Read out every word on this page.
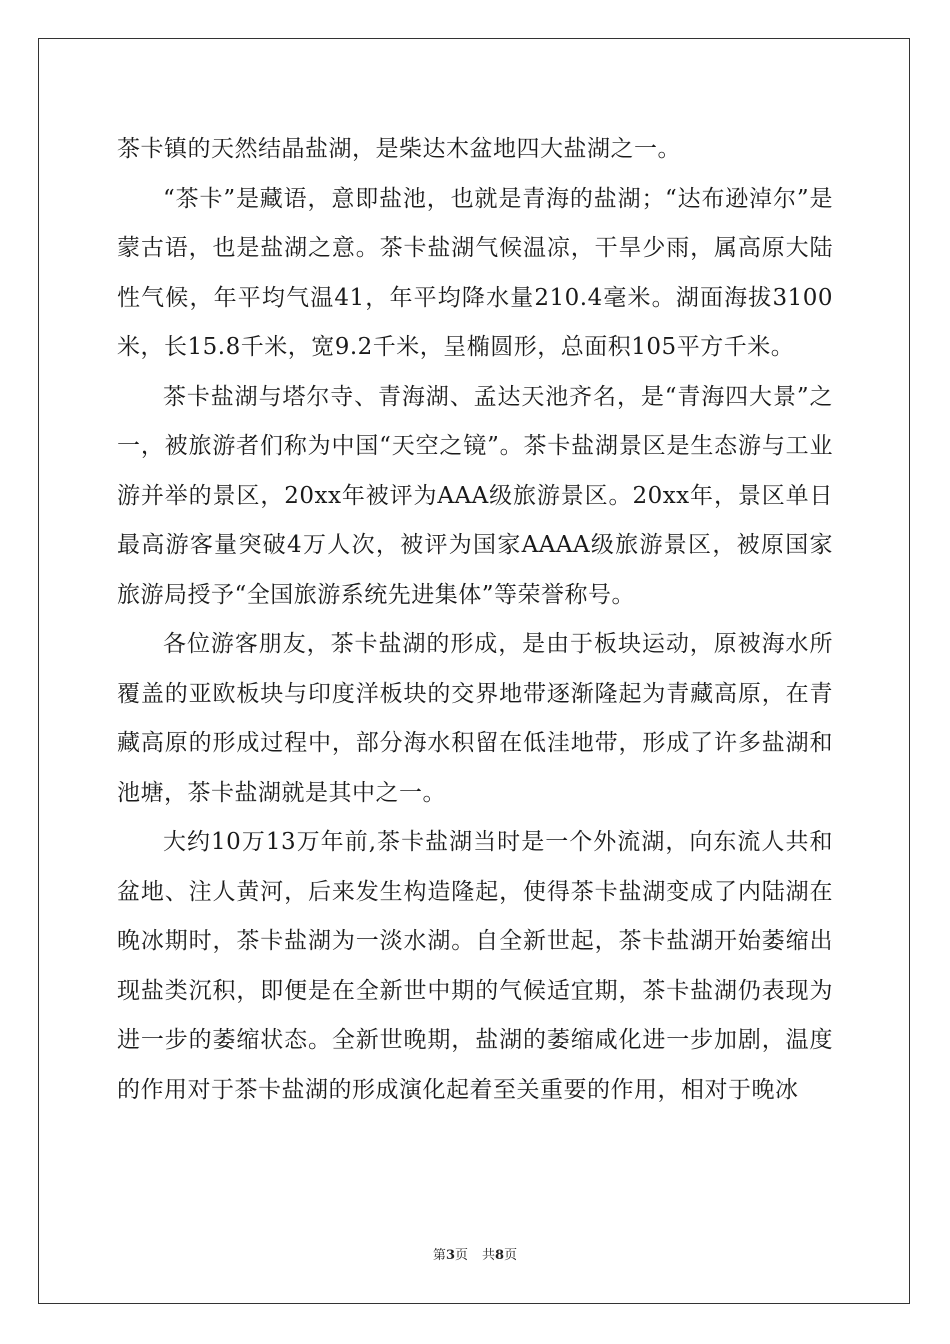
茶卡镇的天然结晶盐湖，是柴达木盆地四大盐湖之一。

“茶卡”是藏语，意即盐池，也就是青海的盐湖；“达布逊淖尔”是蒙古语，也是盐湖之意。茶卡盐湖气候温凉，干旱少雨，属高原大陆性气候，年平均气温41，年平均降水量210.4毫米。湖面海拔3100米，长15.8千米，宽9.2千米，呈椭圆形，总面积105平方千米。

茶卡盐湖与塔尔寺、青海湖、孟达天池齐名，是“青海四大景”之一，被旅游者们称为中国“天空之镜”。茶卡盐湖景区是生态游与工业游并举的景区，20xx年被评为AAA级旅游景区。20xx年，景区单日最高游客量突破4万人次，被评为国家AAAA级旅游景区，被原国家旅游局授予“全国旅游系统先进集体”等荣誉称号。

各位游客朋友，茶卡盐湖的形成，是由于板块运动，原被海水所覆盖的亚欧板块与印度洋板块的交界地带逐渐隆起为青藏高原，在青藏高原的形成过程中，部分海水积留在低洼地带，形成了许多盐湖和池塘，茶卡盐湖就是其中之一。

大约10万13万年前,茶卡盐湖当时是一个外流湖，向东流人共和盆地、注人黄河，后来发生构造隆起，使得茶卡盐湖变成了内陆湖在晚冰期时，茶卡盐湖为一淡水湖。自全新世起，茶卡盐湖开始萎缩出现盐类沉积，即便是在全新世中期的气候适宜期，茶卡盐湖仍表现为进一步的萎缩状态。全新世晚期，盐湖的萎缩咸化进一步加剧，温度的作用对于茶卡盐湖的形成演化起着至关重要的作用，相对于晚冰

第3页 共8页
